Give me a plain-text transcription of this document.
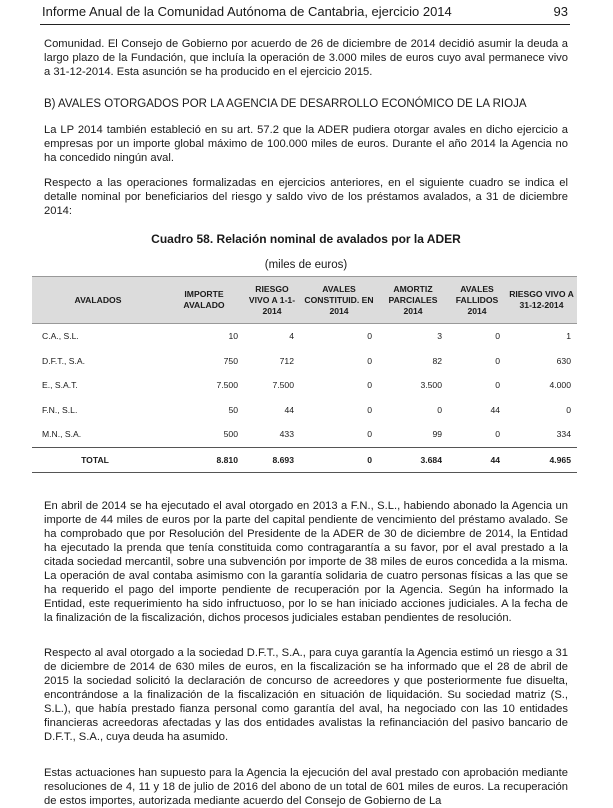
Informe Anual de la Comunidad Autónoma de Cantabria, ejercicio 2014	93

Comunidad. El Consejo de Gobierno por acuerdo de 26 de diciembre de 2014 decidió asumir la deuda a largo plazo de la Fundación, que incluía la operación de 3.000 miles de euros cuyo aval permanece vivo a 31-12-2014. Esta asunción se ha producido en el ejercicio 2015.

B) AVALES OTORGADOS POR LA AGENCIA DE DESARROLLO ECONÓMICO DE LA RIOJA

La LP 2014 también estableció en su art. 57.2 que la ADER pudiera otorgar avales en dicho ejercicio a empresas por un importe global máximo de 100.000 miles de euros. Durante el año 2014 la Agencia no ha concedido ningún aval.

Respecto a las operaciones formalizadas en ejercicios anteriores, en el siguiente cuadro se indica el detalle nominal por beneficiarios del riesgo y saldo vivo de los préstamos avalados, a 31 de diciembre 2014:

Cuadro 58. Relación nominal de avalados por la ADER
(miles de euros)
AVALADOS	IMPORTE AVALADO	RIESGO VIVO A 1-1-2014	AVALES CONSTITUID. EN 2014	AMORTIZ PARCIALES 2014	AVALES FALLIDOS 2014	RIESGO VIVO A 31-12-2014
C.A., S.L.	10	4	0	3	0	1
D.F.T., S.A.	750	712	0	82	0	630
E., S.A.T.	7.500	7.500	0	3.500	0	4.000
F.N., S.L.	50	44	0	0	44	0
M.N., S.A.	500	433	0	99	0	334
TOTAL	8.810	8.693	0	3.684	44	4.965

En abril de 2014 se ha ejecutado el aval otorgado en 2013 a F.N., S.L., habiendo abonado la Agencia un importe de 44 miles de euros por la parte del capital pendiente de vencimiento del préstamo avalado. Se ha comprobado que por Resolución del Presidente de la ADER de 30 de diciembre de 2014, la Entidad ha ejecutado la prenda que tenía constituida como contragarantía a su favor, por el aval prestado a la citada sociedad mercantil, sobre una subvención por importe de 38 miles de euros concedida a la misma. La operación de aval contaba asimismo con la garantía solidaria de cuatro personas físicas a las que se ha requerido el pago del importe pendiente de recuperación por la Agencia. Según ha informado la Entidad, este requerimiento ha sido infructuoso, por lo se han iniciado acciones judiciales. A la fecha de la finalización de la fiscalización, dichos procesos judiciales estaban pendientes de resolución.

Respecto al aval otorgado a la sociedad D.F.T., S.A., para cuya garantía la Agencia estimó un riesgo a 31 de diciembre de 2014 de 630 miles de euros, en la fiscalización se ha informado que el 28 de abril de 2015 la sociedad solicitó la declaración de concurso de acreedores y que posteriormente fue disuelta, encontrándose a la finalización de la fiscalización en situación de liquidación. Su sociedad matriz (S., S.L.), que había prestado fianza personal como garantía del aval, ha negociado con las 10 entidades financieras acreedoras afectadas y las dos entidades avalistas la refinanciación del pasivo bancario de D.F.T., S.A., cuya deuda ha asumido.

Estas actuaciones han supuesto para la Agencia la ejecución del aval prestado con aprobación mediante resoluciones de 4, 11 y 18 de julio de 2016 del abono de un total de 601 miles de euros. La recuperación de estos importes, autorizada mediante acuerdo del Consejo de Gobierno de La
